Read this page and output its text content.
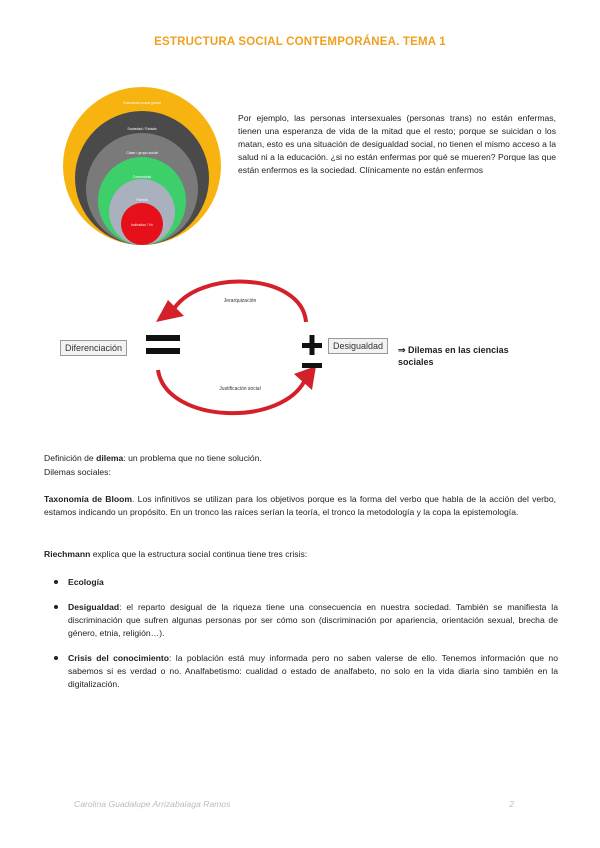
ESTRUCTURA SOCIAL CONTEMPORÁNEA. TEMA 1
Estructura social global
Sociedad / Estado
Clase / grupo social
Comunidad
Familia
Individuo / Yo
Por ejemplo, las personas intersexuales (personas trans) no están enfermas, tienen una esperanza de vida de la mitad que el resto; porque se suicidan o los matan, esto es una situación de desigualdad social, no tienen el mismo acceso a la salud ni a la educación. ¿si no están enfermas por qué se mueren? Porque las que están enfermos es la sociedad. Clínicamente no están enfermos
Diferenciación
Jerarquización
Justificación social
Desigualdad	⇒ Dilemas en las ciencias sociales
Definición de dilema: un problema que no tiene solución.
Dilemas sociales:
Taxonomía de Bloom. Los infinitivos se utilizan para los objetivos porque es la forma del verbo que habla de la acción del verbo, estamos indicando un propósito. En un tronco las raíces serían la teoría, el tronco la metodología y la copa la epistemología.
Riechmann explica que la estructura social continua tiene tres crisis:
Ecología
Desigualdad: el reparto desigual de la riqueza tiene una consecuencia en nuestra sociedad. También se manifiesta la discriminación que sufren algunas personas por ser cómo son (discriminación por apariencia, orientación sexual, brecha de género, etnia, religión…).
Crisis del conocimiento: la población está muy informada pero no saben valerse de ello. Tenemos información que no sabemos si es verdad o no. Analfabetismo: cualidad o estado de analfabeto, no solo en la vida diaria sino también en la digitalización.
Carolina Guadalupe Arrizabalaga Ramos	2
